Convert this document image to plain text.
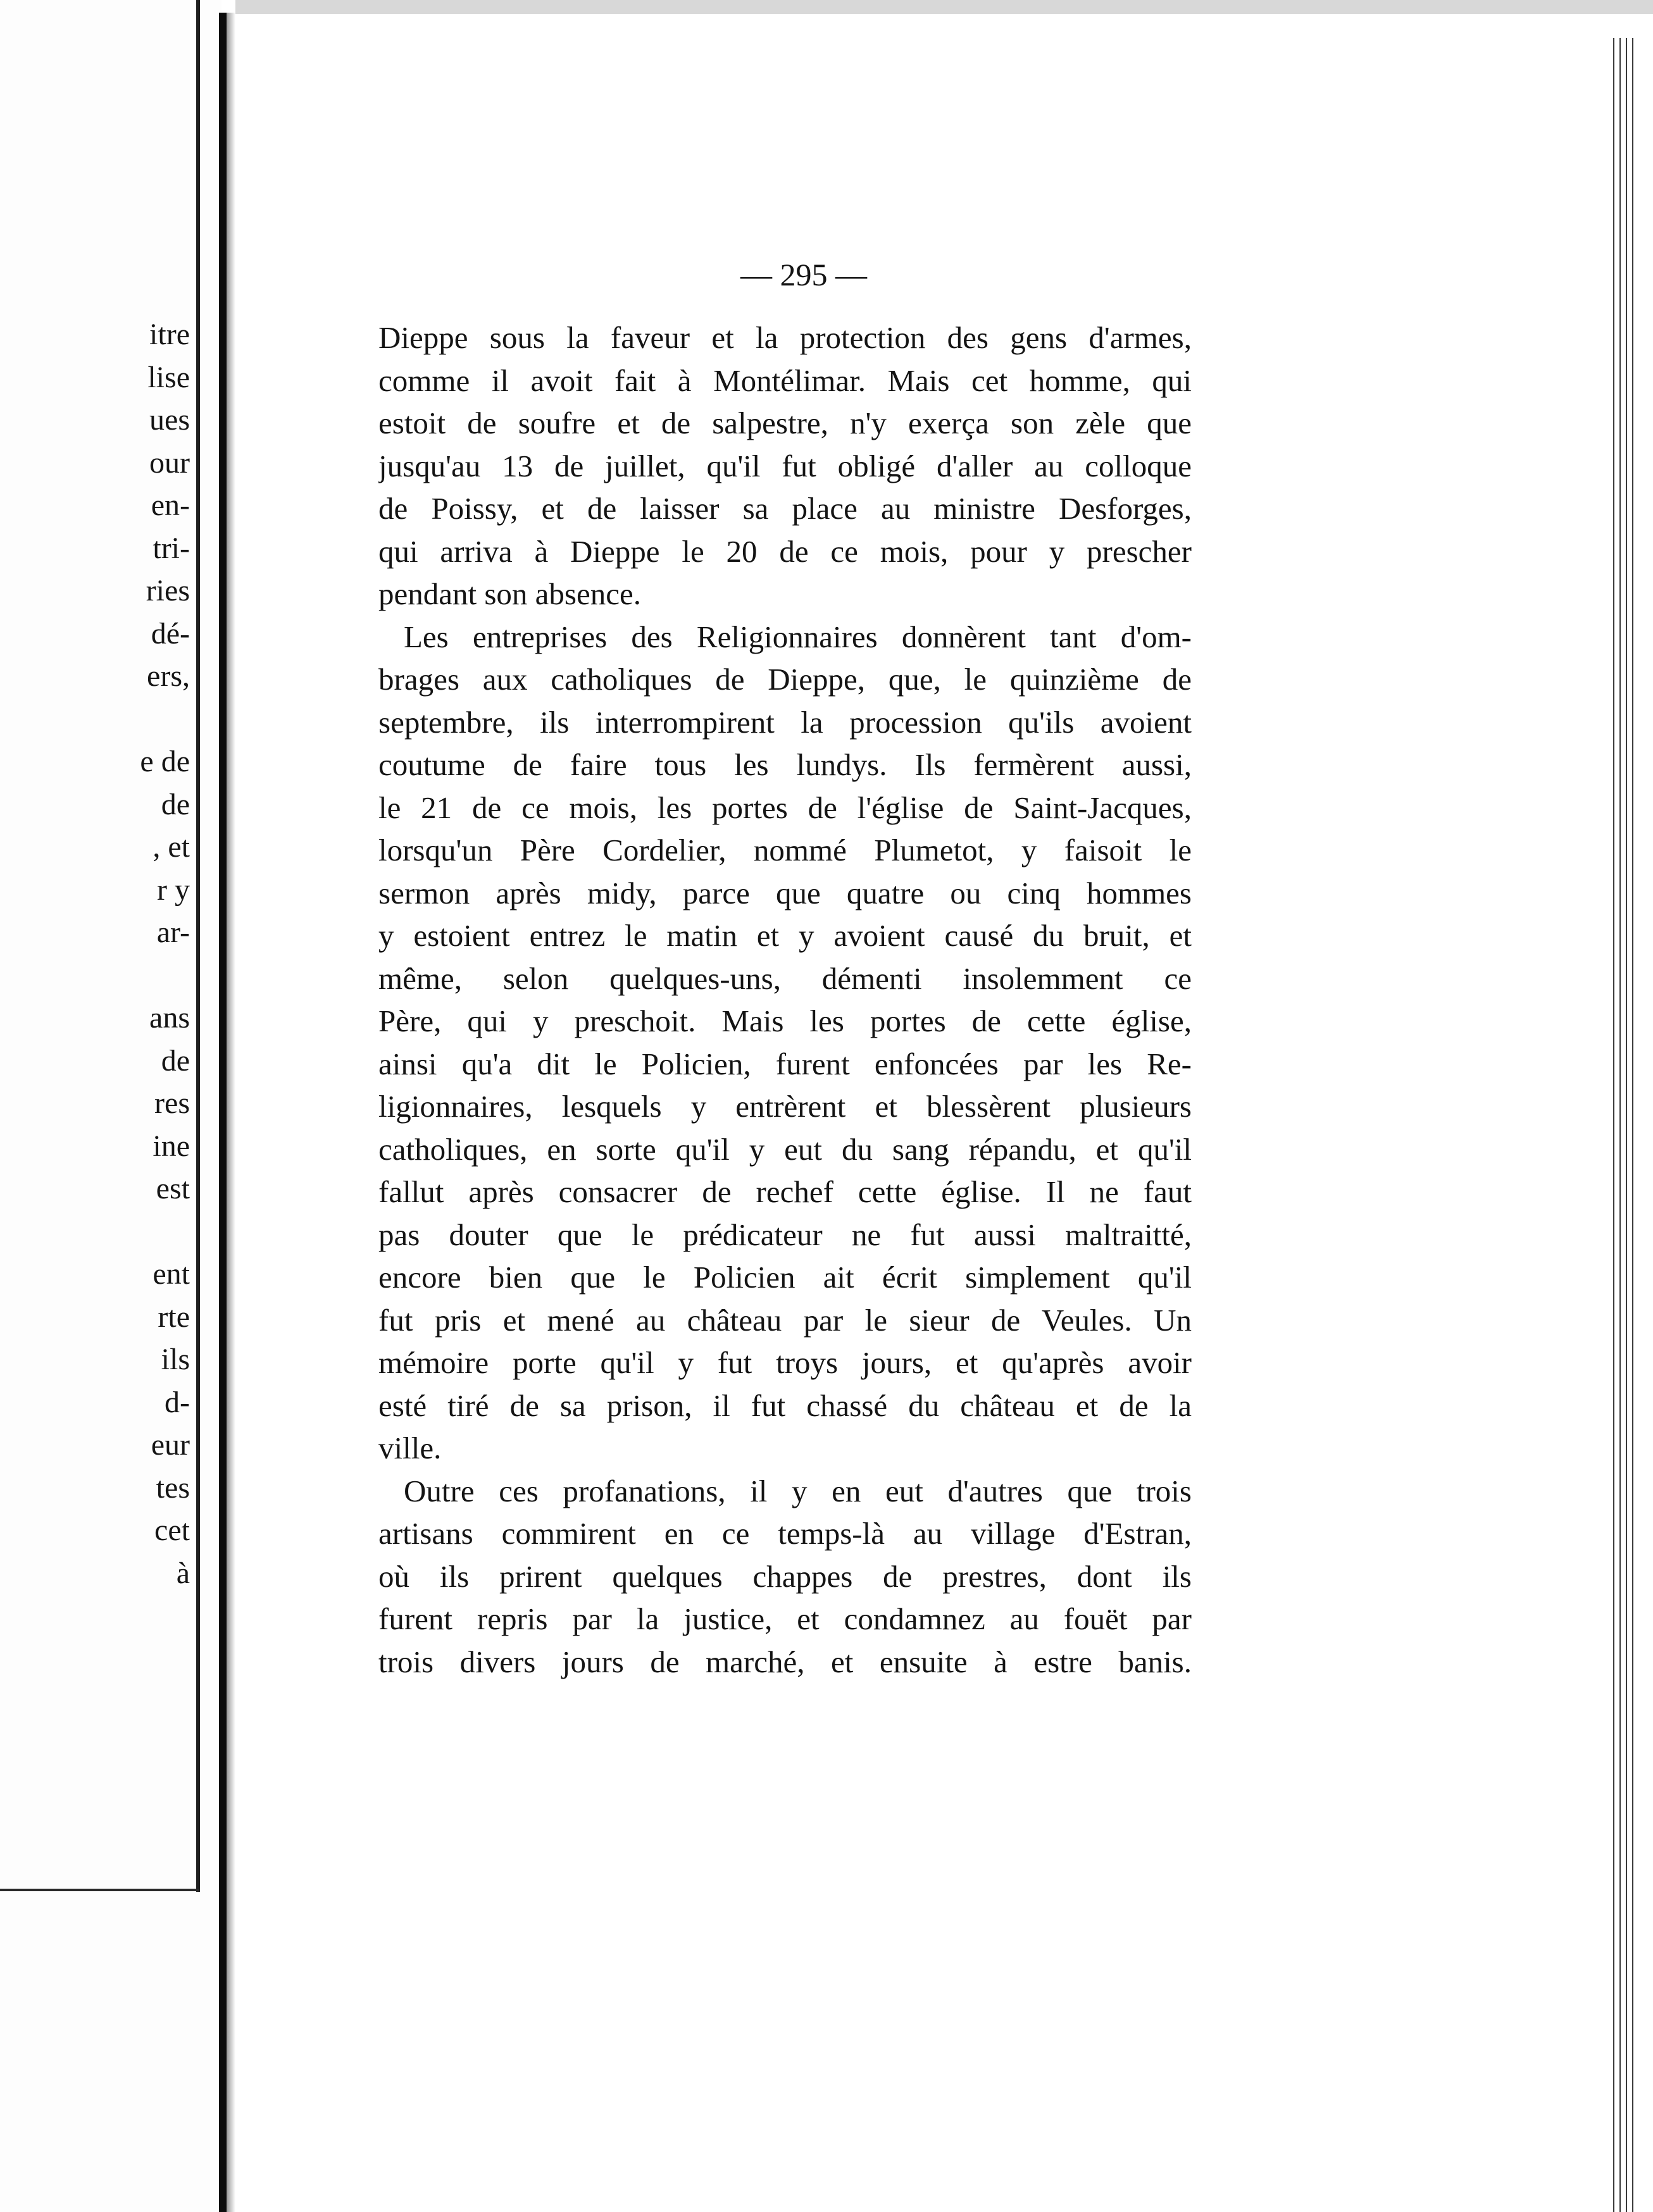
itre
lise
ues
our
en-
tri-
ries
dé-
ers,
e de
de
, et
r y
ar-
ans
de
res
ine
est
ent
rte
ils
d-
eur
tes
cet
à
— 295 —

Dieppe sous la faveur et la protection des gens d'armes,
comme il avoit fait à Montélimar. Mais cet homme, qui
estoit de soufre et de salpestre, n'y exerça son zèle que
jusqu'au 13 de juillet, qu'il fut obligé d'aller au colloque
de Poissy, et de laisser sa place au ministre Desforges,
qui arriva à Dieppe le 20 de ce mois, pour y prescher
pendant son absence.

Les entreprises des Religionnaires donnèrent tant d'om-
brages aux catholiques de Dieppe, que, le quinzième de
septembre, ils interrompirent la procession qu'ils avoient
coutume de faire tous les lundys. Ils fermèrent aussi,
le 21 de ce mois, les portes de l'église de Saint-Jacques,
lorsqu'un Père Cordelier, nommé Plumetot, y faisoit le
sermon après midy, parce que quatre ou cinq hommes
y estoient entrez le matin et y avoient causé du bruit, et
même, selon quelques-uns, démenti insolemment ce
Père, qui y preschoit. Mais les portes de cette église,
ainsi qu'a dit le Policien, furent enfoncées par les Re-
ligionnaires, lesquels y entrèrent et blessèrent plusieurs
catholiques, en sorte qu'il y eut du sang répandu, et qu'il
fallut après consacrer de rechef cette église. Il ne faut
pas douter que le prédicateur ne fut aussi maltraitté,
encore bien que le Policien ait écrit simplement qu'il
fut pris et mené au château par le sieur de Veules. Un
mémoire porte qu'il y fut troys jours, et qu'après avoir
esté tiré de sa prison, il fut chassé du château et de la
ville.

Outre ces profanations, il y en eut d'autres que trois
artisans commirent en ce temps-là au village d'Estran,
où ils prirent quelques chappes de prestres, dont ils
furent repris par la justice, et condamnez au fouët par
trois divers jours de marché, et ensuite à estre banis.
